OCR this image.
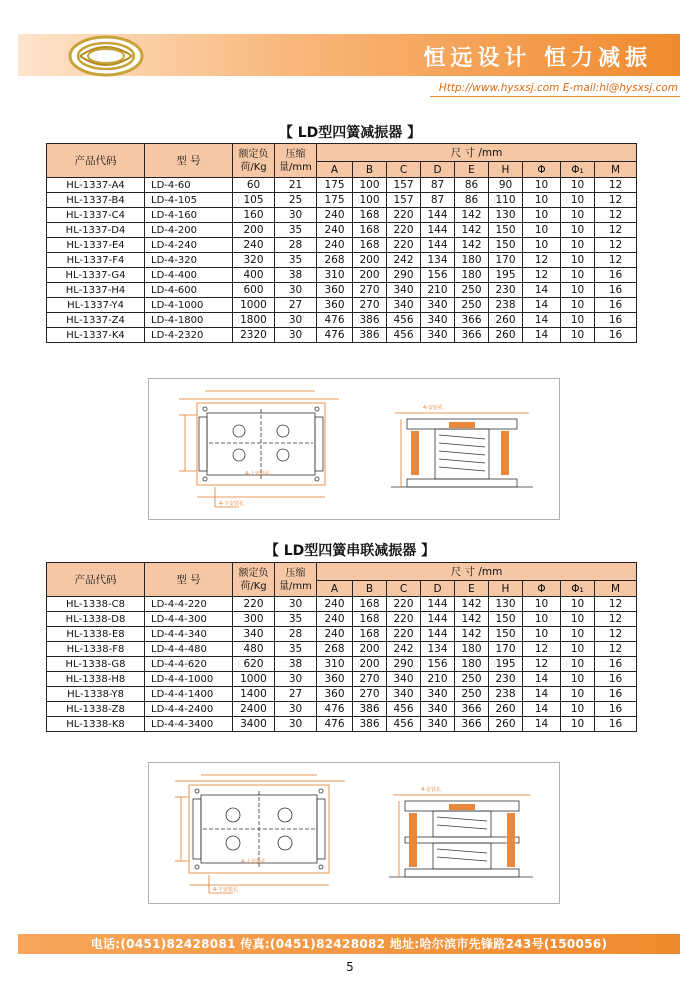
恒远设计 恒力减振
Http://www.hysxsj.com E-mail:hl@hysxsj.com
【 LD型四簧减振器 】
产品代码	型 号	额定负荷/Kg	压缩量/mm	尺 寸 /mm								
				A	B	C	D	E	H	Φ	Φ₁	M
HL-1337-A4	LD-4-60	60	21	175	100	157	87	86	90	10	10	12
HL-1337-B4	LD-4-105	105	25	175	100	157	87	86	110	10	10	12
HL-1337-C4	LD-4-160	160	30	240	168	220	144	142	130	10	10	12
HL-1337-D4	LD-4-200	200	35	240	168	220	144	142	150	10	10	12
HL-1337-E4	LD-4-240	240	28	240	168	220	144	142	150	10	10	12
HL-1337-F4	LD-4-320	320	35	268	200	242	134	180	170	12	10	12
HL-1337-G4	LD-4-400	400	38	310	200	290	156	180	195	12	10	16
HL-1337-H4	LD-4-600	600	30	360	270	340	210	250	230	14	10	16
HL-1337-Y4	LD-4-1000	1000	27	360	270	340	340	250	238	14	10	16
HL-1337-Z4	LD-4-1800	1800	30	476	386	456	340	366	260	14	10	16
HL-1337-K4	LD-4-2320	2320	30	476	386	456	340	366	260	14	10	16
4-上安装孔
4-下安装孔
4-安装孔
【 LD型四簧串联减振器 】
产品代码	型 号	额定负荷/Kg	压缩量/mm	尺 寸 /mm								
				A	B	C	D	E	H	Φ	Φ₁	M
HL-1338-C8	LD-4-4-220	220	30	240	168	220	144	142	130	10	10	12
HL-1338-D8	LD-4-4-300	300	35	240	168	220	144	142	150	10	10	12
HL-1338-E8	LD-4-4-340	340	28	240	168	220	144	142	150	10	10	12
HL-1338-F8	LD-4-4-480	480	35	268	200	242	134	180	170	12	10	12
HL-1338-G8	LD-4-4-620	620	38	310	200	290	156	180	195	12	10	16
HL-1338-H8	LD-4-4-1000	1000	30	360	270	340	210	250	230	14	10	16
HL-1338-Y8	LD-4-4-1400	1400	27	360	270	340	340	250	238	14	10	16
HL-1338-Z8	LD-4-4-2400	2400	30	476	386	456	340	366	260	14	10	16
HL-1338-K8	LD-4-4-3400	3400	30	476	386	456	340	366	260	14	10	16
4-上安装孔
4-下安装孔
4-安装孔
电话:(0451)82428081 传真:(0451)82428082 地址:哈尔滨市先锋路243号(150056)
5
